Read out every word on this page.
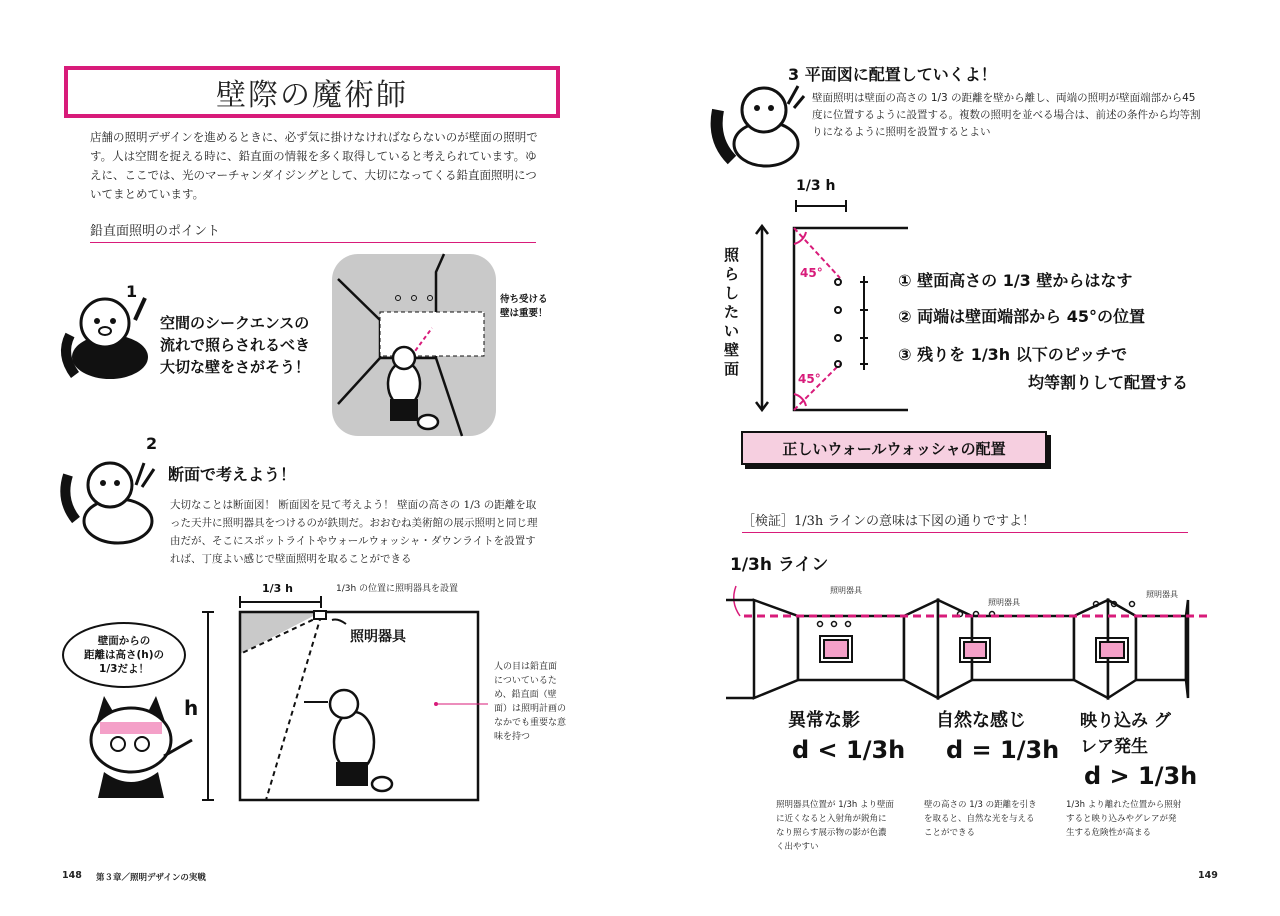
壁際の魔術師
店舗の照明デザインを進めるときに、必ず気に掛けなければならないのが壁面の照明です。人は空間を捉える時に、鉛直面の情報を多く取得していると考えられています。ゆえに、ここでは、光のマーチャンダイジングとして、大切になってくる鉛直面照明についてまとめています。
鉛直面照明のポイント
1
空間のシークエンスの
流れで照らされるべき
大切な壁をさがそう！
待ち受ける
壁は重要！
2
断面で考えよう！
大切なことは断面図！ 断面図を見て考えよう！ 壁面の高さの 1/3 の距離を取った天井に照明器具をつけるのが鉄則だ。おおむね美術館の展示照明と同じ理由だが、そこにスポットライトやウォールウォッシャ・ダウンライトを設置すれば、丁度よい感じで壁面照明を取ることができる
1/3 h	1/3h の位置に照明器具を設置
照明器具
h
人の目は鉛直面についているため、鉛直面（壁面）は照明計画のなかでも重要な意味を持つ
壁面からの
距離は高さ(h)の
1/3だよ！
148 第３章／照明デザインの実戦
3 平面図に配置していくよ！
壁面照明は壁面の高さの 1/3 の距離を壁から離し、両端の照明が壁面端部から45度に位置するように設置する。複数の照明を並べる場合は、前述の条件から均等割りになるように照明を設置するとよい
1/3 h
照らしたい壁面
45°
45°
① 壁面高さの 1/3 壁からはなす
② 両端は壁面端部から 45°の位置
③ 残りを 1/3h 以下のピッチで
均等割りして配置する
正しいウォールウォッシャの配置
［検証］1/3h ラインの意味は下図の通りですよ！
1/3h ライン
照明器具
照明器具
照明器具
異常な影
d < 1/3h
照明器具位置が 1/3h より壁面に近くなると入射角が鋭角になり照らす展示物の影が色濃く出やすい
自然な感じ
d = 1/3h
壁の高さの 1/3 の距離を引きを取ると、自然な光を与えることができる
映り込み グレア発生
d > 1/3h
1/3h より離れた位置から照射すると映り込みやグレアが発生する危険性が高まる
149
